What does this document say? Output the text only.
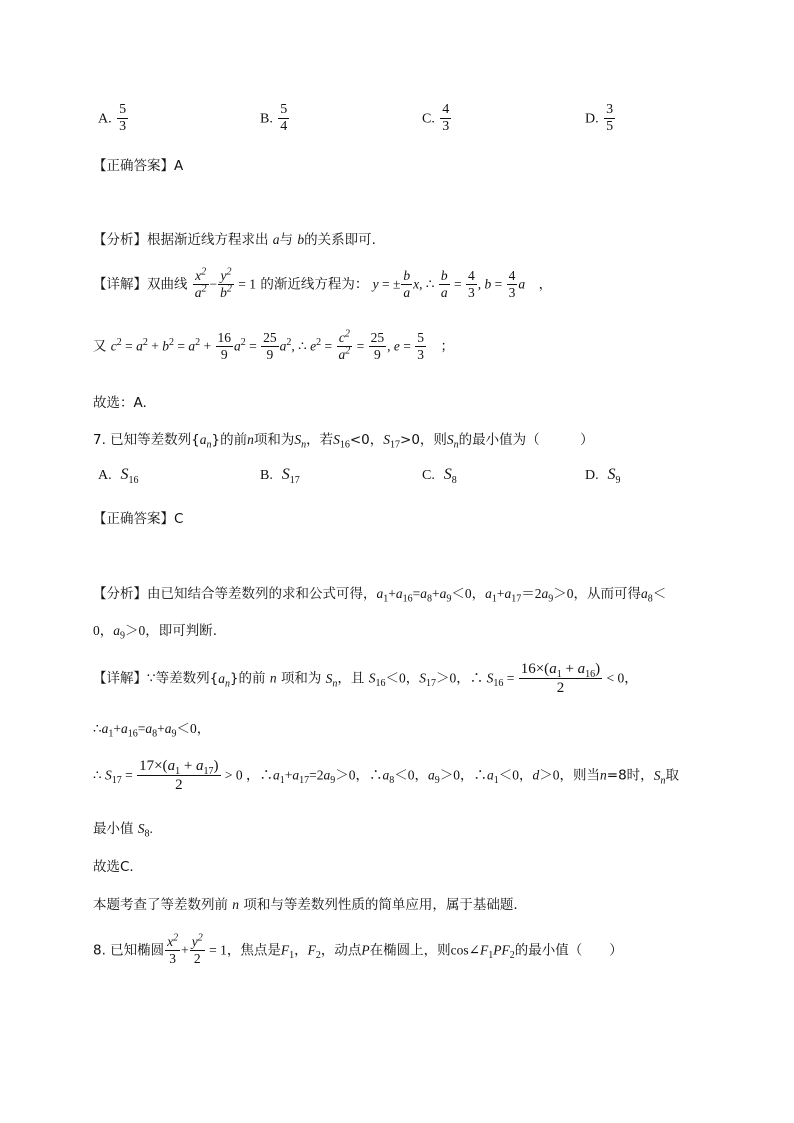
A. $\frac{5}{3}$	B. $\frac{5}{4}$	C. $\frac{4}{3}$	D. $\frac{3}{5}$
【正确答案】A
【分析】根据渐近线方程求出 a与 b的关系即可.
【详解】双曲线 $\frac{x^2}{a^2} - \frac{y^2}{b^2} = 1$ 的渐近线方程为： y = ± $\frac{b}{a} x$, ∴ $\frac{b}{a} = \frac{4}{3}$ , $b = \frac{4}{3}$ a　，
又 $c^2 = a^2 + b^2 = a^2 + \frac{16}{9} a^2 = \frac{25}{9} a^2$, ∴ $e^2 = \frac{c^2}{a^2} = \frac{25}{9}$ , $e = \frac{5}{3}$ 　；
故选：A.
7. 已知等差数列$\{a_n\}$的前n项和为$S_n$，若$S_{16}<0$，$S_{17}>0$，则$S_n$的最小值为（　　　）
A. $S_{16}$	B. $S_{17}$	C. $S_8$	D. $S_9$
【正确答案】C
【分析】由已知结合等差数列的求和公式可得，$a_1+a_{16}=a_8+a_9<0$，$a_1+a_{17}=2a_9>0$，从而可得$a_8<$
0，$a_9>0$，即可判断.
【详解】∵等差数列$\{a_n\}$的前 n 项和为 $S_n$，且 $S_{16}<0$，$S_{17}>0$，∴ $S_{16} = \frac{16\times(a_1 + a_{16})}{2} < 0$，
$\therefore a_1+a_{16}=a_8+a_9<0$，
∴ $S_{17} = \frac{17\times(a_1 + a_{17})}{2} > 0$ ，$\therefore a_1+a_{17}=2a_9>0$，$\therefore a_8<0$，$a_9>0$，$\therefore a_1<0$，d＞0，则当n=8时，$S_n$取
最小值 $S_8$.
故选C.
本题考查了等差数列前 n 项和与等差数列性质的简单应用，属于基础题.
8. 已知椭圆 $\frac{x^2}{3} + \frac{y^2}{2} = 1$，焦点是$F_1$，$F_2$，动点P在椭圆上，则$\cos\angle F_1PF_2$的最小值（　　）
